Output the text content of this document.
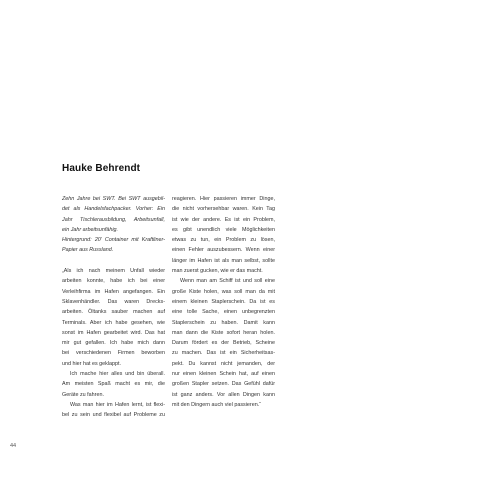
Hauke Behrendt
Zehn Jahre bei SWT. Bei SWT ausgebil-
det als Handelsfachpacker. Vorher: Ein
Jahr Tischlerausbildung, Arbeitsunfall,
ein Jahr arbeitsunfähig.
Hintergrund: 20’ Container mit Kraftliner-
Papier aus Russland.
„Als ich nach meinem Unfall wieder
arbeiten konnte, habe ich bei einer
Verleihfirma im Hafen angefangen. Ein
Sklavenhändler. Das waren Drecks-
arbeiten. Öltanks sauber machen auf
Terminals. Aber ich habe gesehen, wie
sonst im Hafen gearbeitet wird. Das hat
mir gut gefallen. Ich habe mich dann
bei verschiedenen Firmen beworben
und hier hat es geklappt.
Ich mache hier alles und bin überall.
Am meisten Spaß macht es mir, die
Geräte zu fahren.
Was man hier im Hafen lernt, ist flexi-
bel zu sein und flexibel auf Probleme zu
reagieren. Hier passieren immer Dinge,
die nicht vorhersehbar waren. Kein Tag
ist wie der andere. Es ist ein Problem,
es gibt unendlich viele Möglichkeiten
etwas zu tun, ein Problem zu lösen,
einen Fehler auszubessern. Wenn einer
länger im Hafen ist als man selbst, sollte
man zuerst gucken, wie er das macht.
Wenn man am Schiff ist und soll eine
große Kiste holen, was soll man da mit
einem kleinen Staplerschein. Da ist es
eine tolle Sache, einen unbegrenzten
Staplerschein zu haben. Damit kann
man dann die Kiste sofort heran holen.
Darum fördert es der Betrieb, Scheine
zu machen. Das ist ein Sicherheitsas-
pekt. Du kannst nicht jemanden, der
nur einen kleinen Schein hat, auf einen
großen Stapler setzen. Das Gefühl dafür
ist ganz anders. Vor allen Dingen kann
mit den Dingern auch viel passieren.“
44
